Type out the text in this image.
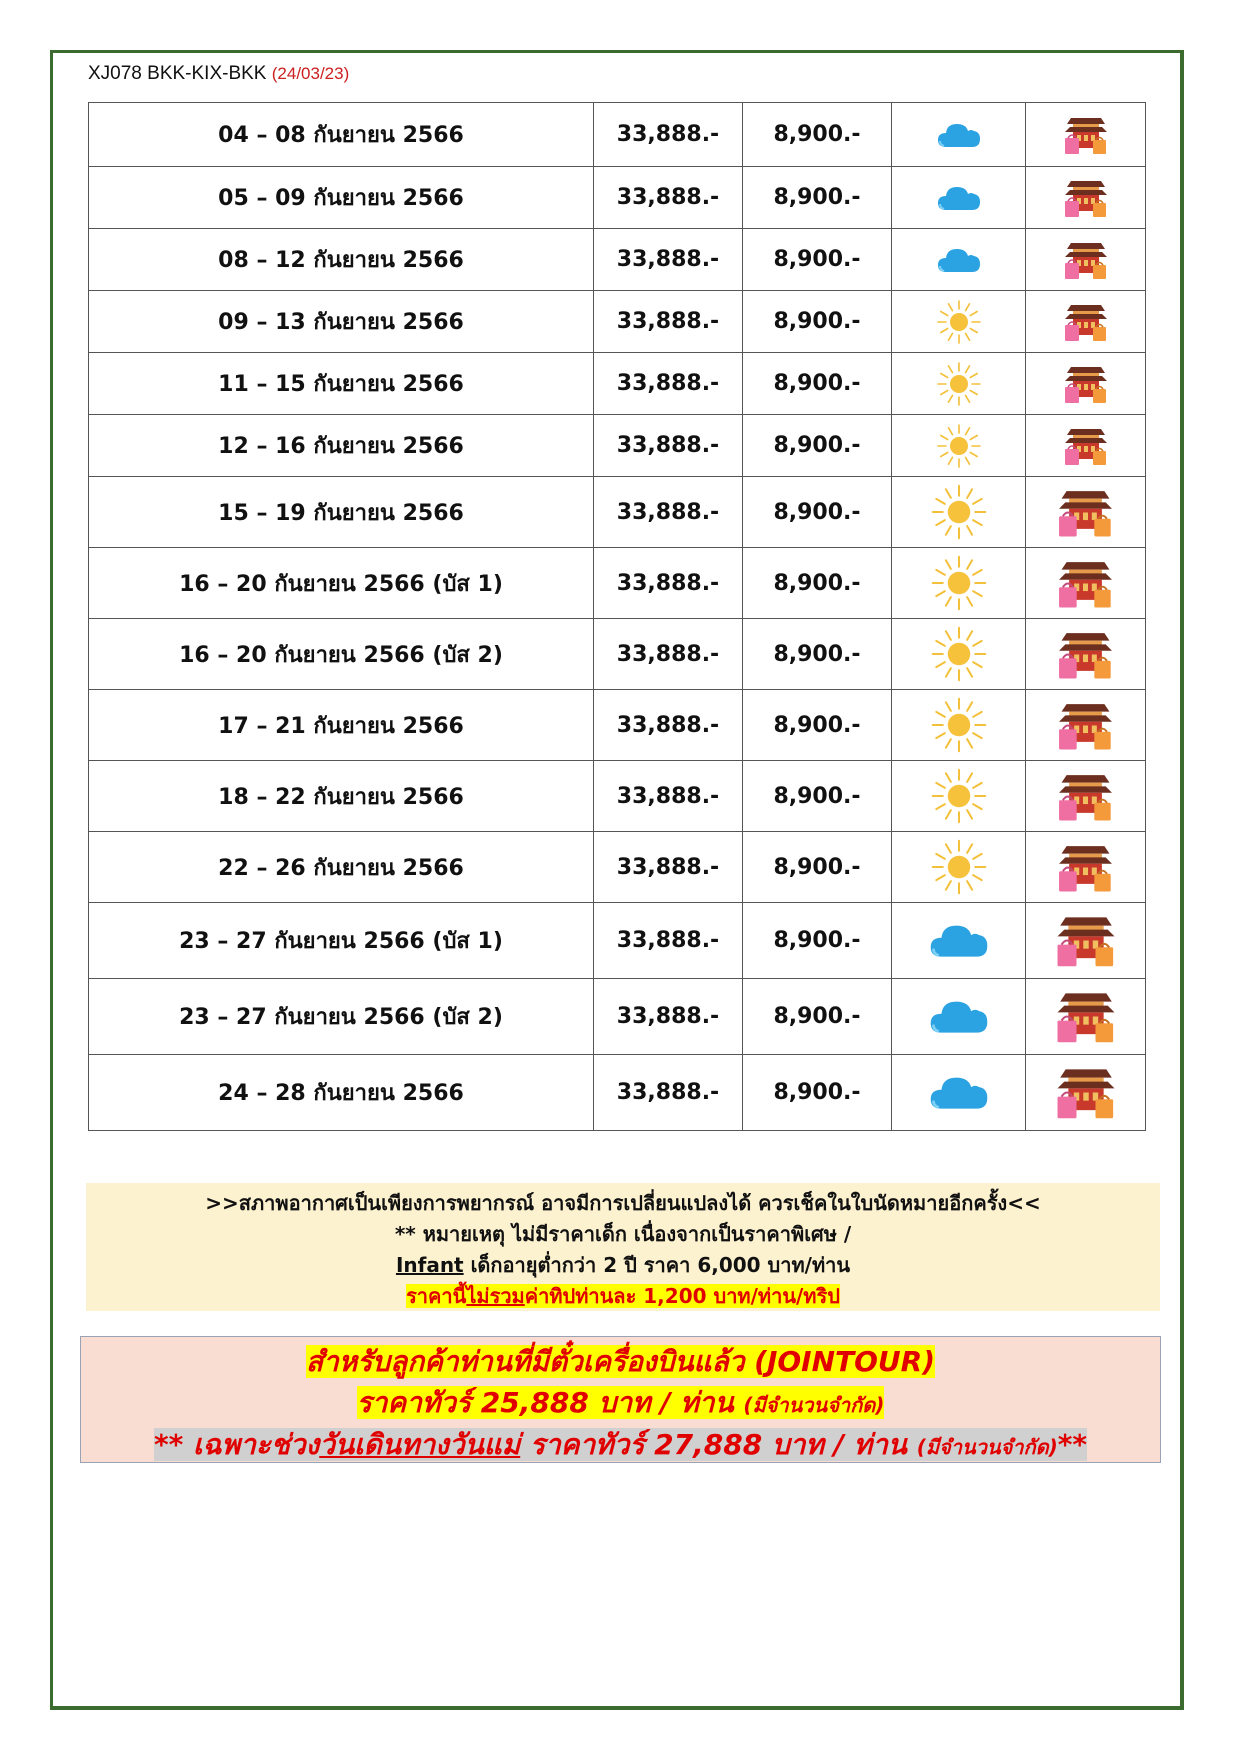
XJ078 BKK-KIX-BKK (24/03/23)
04 – 08 กันยายน 2566	33,888.-	8,900.-		
05 – 09 กันยายน 2566	33,888.-	8,900.-		
08 – 12 กันยายน 2566	33,888.-	8,900.-		
09 – 13 กันยายน 2566	33,888.-	8,900.-		
11 – 15 กันยายน 2566	33,888.-	8,900.-		
12 – 16 กันยายน 2566	33,888.-	8,900.-		
15 – 19 กันยายน 2566	33,888.-	8,900.-		
16 – 20 กันยายน 2566 (บัส 1)	33,888.-	8,900.-		
16 – 20 กันยายน 2566 (บัส 2)	33,888.-	8,900.-		
17 – 21 กันยายน 2566	33,888.-	8,900.-		
18 – 22 กันยายน 2566	33,888.-	8,900.-		
22 – 26 กันยายน 2566	33,888.-	8,900.-		
23 – 27 กันยายน 2566 (บัส 1)	33,888.-	8,900.-		
23 – 27 กันยายน 2566 (บัส 2)	33,888.-	8,900.-		
24 – 28 กันยายน 2566	33,888.-	8,900.-		
>>สภาพอากาศเป็นเพียงการพยากรณ์ อาจมีการเปลี่ยนแปลงได้ ควรเช็คในใบนัดหมายอีกครั้ง<<
** หมายเหตุ ไม่มีราคาเด็ก เนื่องจากเป็นราคาพิเศษ /
Infant เด็กอายุต่ำกว่า 2 ปี ราคา 6,000 บาท/ท่าน
ราคานี้ไม่รวมค่าทิปท่านละ 1,200 บาท/ท่าน/ทริป
สำหรับลูกค้าท่านที่มีตั๋วเครื่องบินแล้ว (JOINTOUR)
ราคาทัวร์ 25,888 บาท / ท่าน (มีจำนวนจำกัด)
** เฉพาะช่วงวันเดินทางวันแม่ ราคาทัวร์ 27,888 บาท / ท่าน (มีจำนวนจำกัด)**
